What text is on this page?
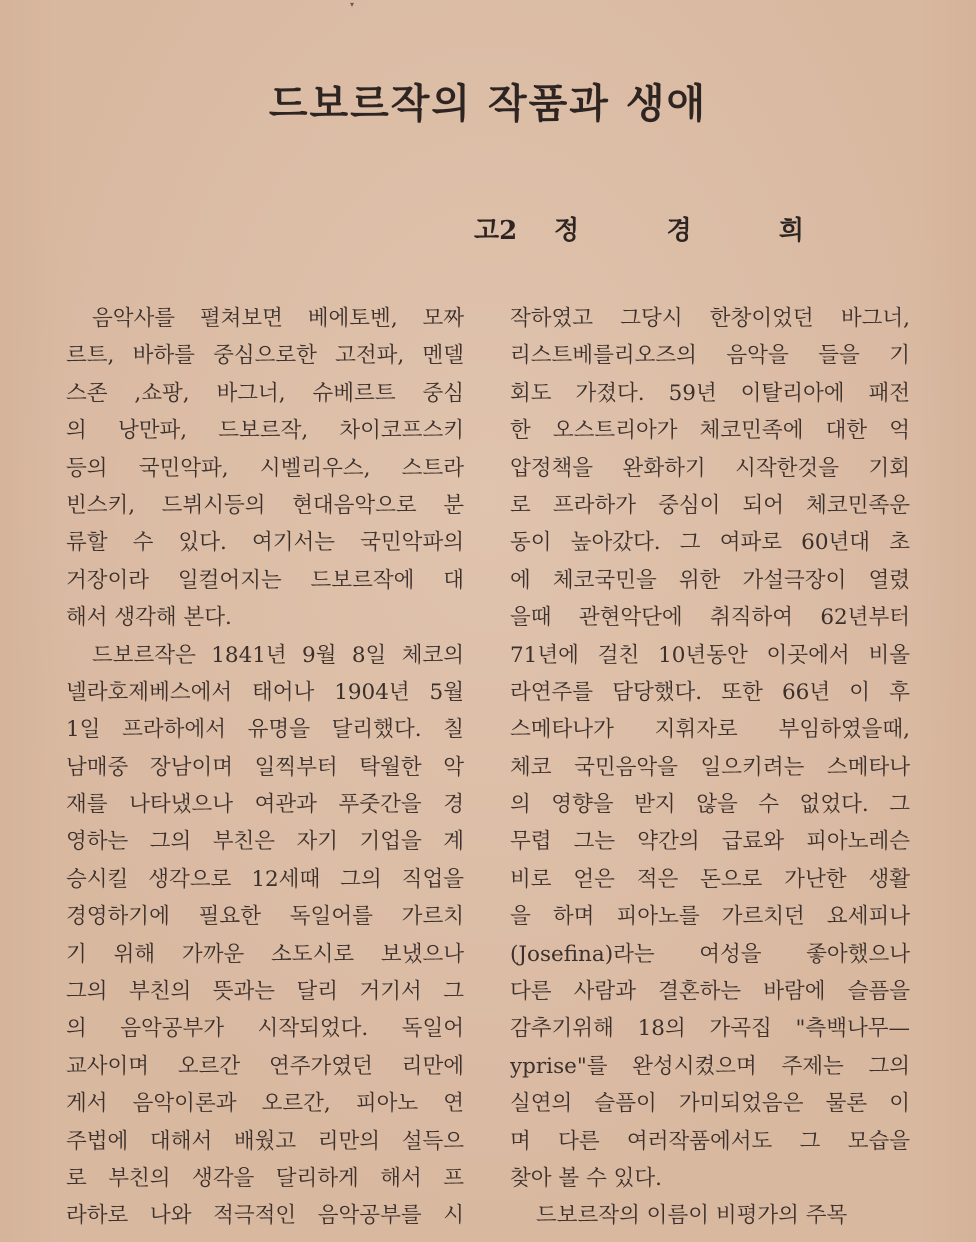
▾
드보르작의 작품과 생애
고2 정	경	희
음악사를 펼쳐보면 베에토벤, 모짜
르트, 바하를 중심으로한 고전파, 멘델
스존 ,쇼팡, 바그너, 슈베르트 중심
의 낭만파, 드보르작, 차이코프스키
등의 국민악파, 시벨리우스, 스트라
빈스키, 드뷔시등의 현대음악으로 분
류할 수 있다. 여기서는 국민악파의
거장이라 일컬어지는 드보르작에 대
해서 생각해 본다.
드보르작은 1841년 9월 8일 체코의
넬라호제베스에서 태어나 1904년 5월
1일 프라하에서 유명을 달리했다. 칠
남매중 장남이며 일찍부터 탁월한 악
재를 나타냈으나 여관과 푸줏간을 경
영하는 그의 부친은 자기 기업을 계
승시킬 생각으로 12세때 그의 직업을
경영하기에 필요한 독일어를 가르치
기 위해 가까운 소도시로 보냈으나
그의 부친의 뜻과는 달리 거기서 그
의 음악공부가 시작되었다. 독일어
교사이며 오르간 연주가였던 리만에
게서 음악이론과 오르간, 피아노 연
주법에 대해서 배웠고 리만의 설득으
로 부친의 생각을 달리하게 해서 프
라하로 나와 적극적인 음악공부를 시
작하였고 그당시 한창이었던 바그너,
리스트베를리오즈의 음악을 들을 기
회도 가졌다. 59년 이탈리아에 패전
한 오스트리아가 체코민족에 대한 억
압정책을 완화하기 시작한것을 기회
로 프라하가 중심이 되어 체코민족운
동이 높아갔다. 그 여파로 60년대 초
에 체코국민을 위한 가설극장이 열렸
을때 관현악단에 취직하여 62년부터
71년에 걸친 10년동안 이곳에서 비올
라연주를 담당했다. 또한 66년 이 후
스메타나가 지휘자로 부임하였을때,
체코 국민음악을 일으키려는 스메타나
의 영향을 받지 않을 수 없었다. 그
무렵 그는 약간의 급료와 피아노레슨
비로 얻은 적은 돈으로 가난한 생활
을 하며 피아노를 가르치던 요세피나
(Josefina)라는 여성을 좋아했으나
다른 사람과 결혼하는 바람에 슬픔을
감추기위해 18의 가곡집 "측백나무—
yprise"를 완성시켰으며 주제는 그의
실연의 슬픔이 가미되었음은 물론 이
며 다른 여러작품에서도 그 모습을
찾아 볼 수 있다.
드보르작의 이름이 비평가의 주목
